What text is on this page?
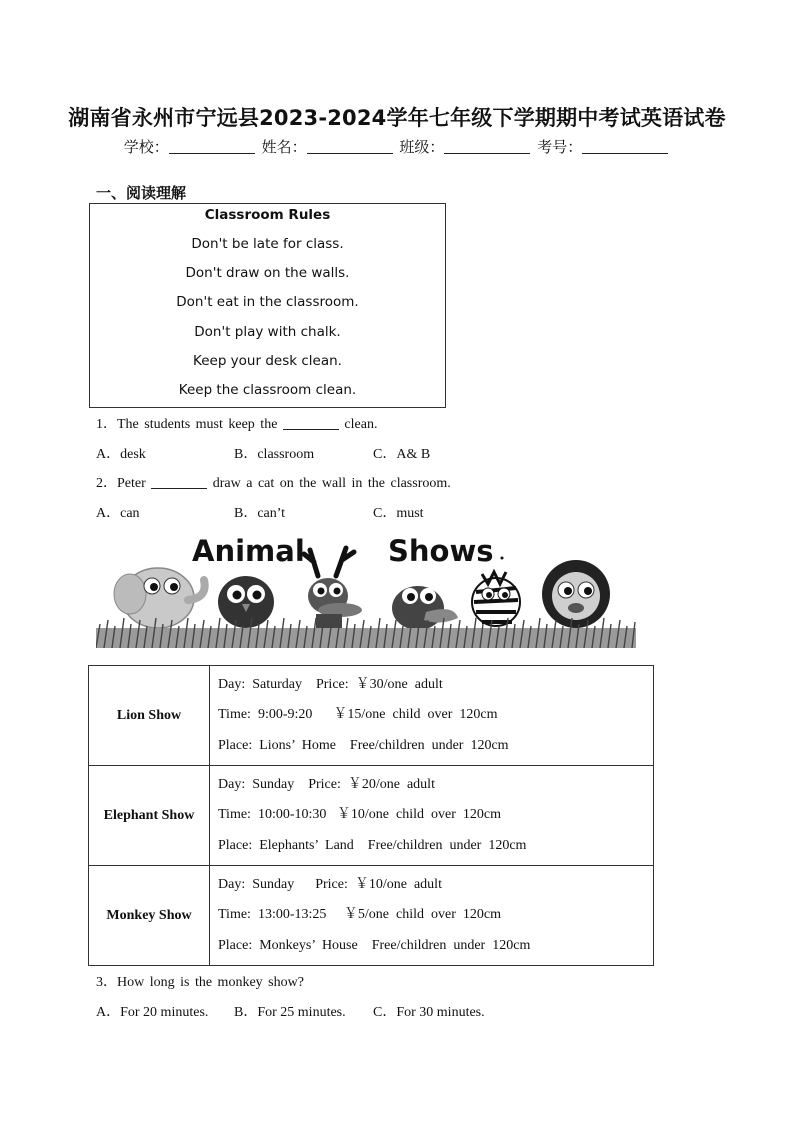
湖南省永州市宁远县2023-2024学年七年级下学期期中考试英语试卷
学校：	姓名：	班级：	考号：
一、阅读理解
Classroom Rules
Don't be late for class.
Don't draw on the walls.
Don't eat in the classroom.
Don't play with chalk.
Keep your desk clean.
Keep the classroom clean.
1．The students must keep the	clean.
A．desk	B．classroom	C．A& B
2．Peter	draw a cat on the wall in the classroom.
A．can	B．can’t	C．must
Animal	Shows
Lion Show	Day:  Saturday    Price:  ￥30/one  adult
Time:  9:00-9:20      ￥15/one  child  over  120cm
Place:  Lions’  Home    Free/children  under  120cm

Elephant Show	Day:  Sunday    Price:  ￥20/one  adult
Time:  10:00-10:30   ￥10/one  child  over  120cm
Place:  Elephants’  Land    Free/children  under  120cm

Monkey Show	Day:  Sunday      Price:  ￥10/one  adult
Time:  13:00-13:25     ￥5/one  child  over  120cm
Place:  Monkeys’  House    Free/children  under  120cm
3．How long is the monkey show?
A．For 20 minutes. B．For 25 minutes. C．For 30 minutes.
